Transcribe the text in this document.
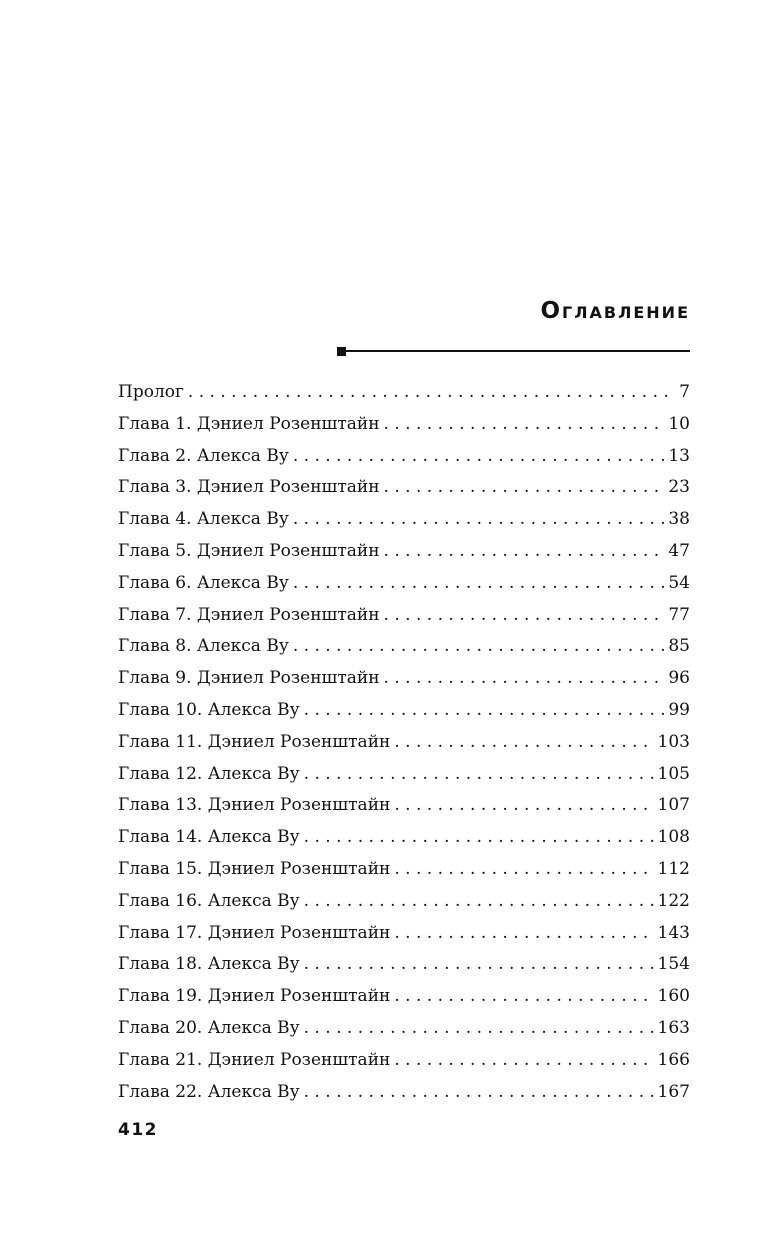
Оглавление
Пролог . . .	7
Глава 1. Дэниел Розенштайн . . .	10
Глава 2. Алекса Ву . . .	13
Глава 3. Дэниел Розенштайн . . .	23
Глава 4. Алекса Ву . . .	38
Глава 5. Дэниел Розенштайн . . .	47
Глава 6. Алекса Ву . . .	54
Глава 7. Дэниел Розенштайн . . .	77
Глава 8. Алекса Ву . . .	85
Глава 9. Дэниел Розенштайн . . .	96
Глава 10. Алекса Ву . . .	99
Глава 11. Дэниел Розенштайн . . .	103
Глава 12. Алекса Ву . . .	105
Глава 13. Дэниел Розенштайн . . .	107
Глава 14. Алекса Ву . . .	108
Глава 15. Дэниел Розенштайн . . .	112
Глава 16. Алекса Ву . . .	122
Глава 17. Дэниел Розенштайн . . .	143
Глава 18. Алекса Ву . . .	154
Глава 19. Дэниел Розенштайн . . .	160
Глава 20. Алекса Ву . . .	163
Глава 21. Дэниел Розенштайн . . .	166
Глава 22. Алекса Ву . . .	167
412
